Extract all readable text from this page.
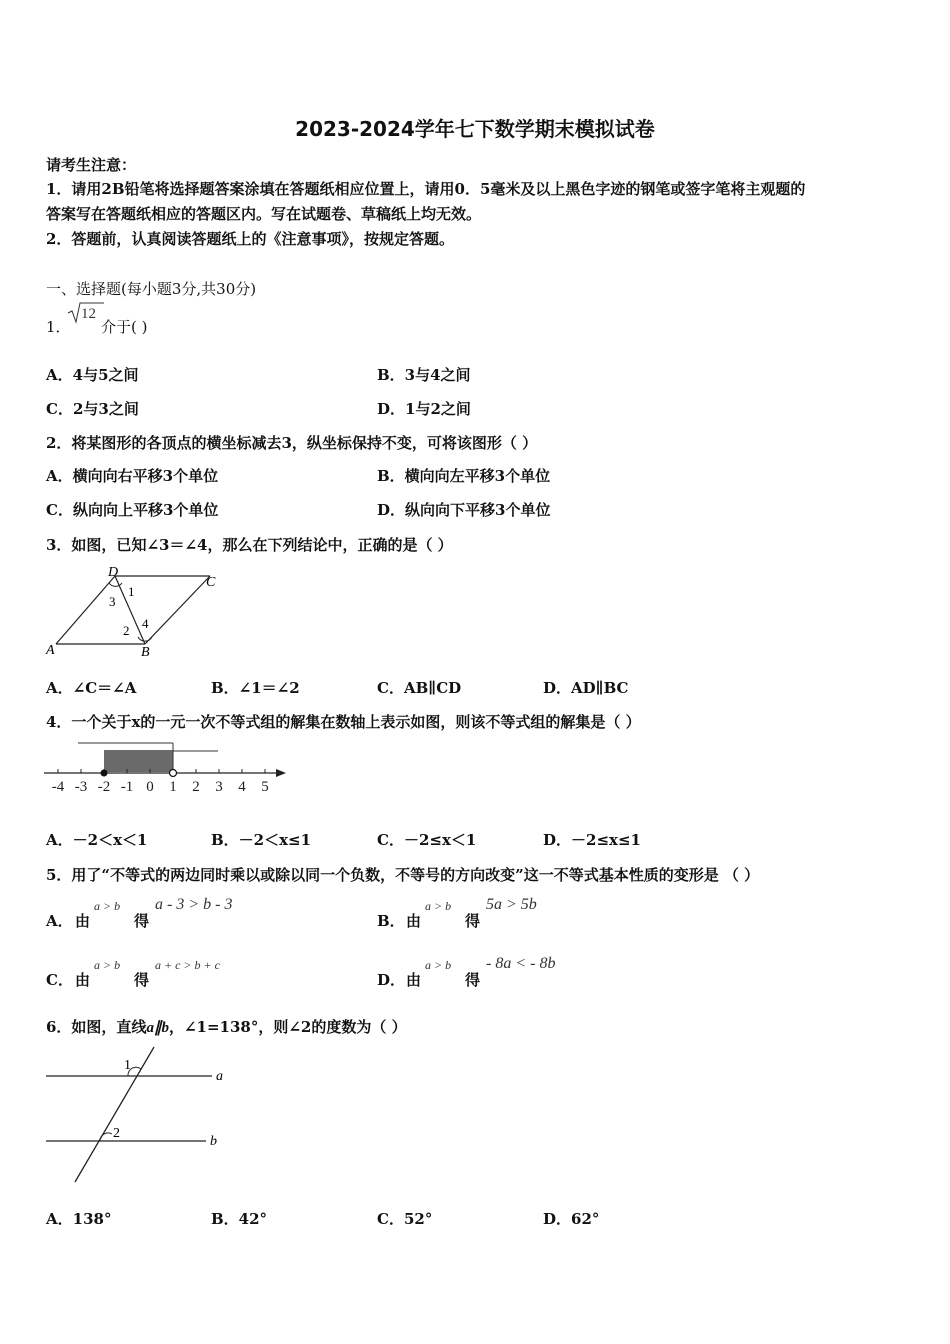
2023-2024学年七下数学期末模拟试卷
请考生注意：
1．请用2B铅笔将选择题答案涂填在答题纸相应位置上，请用0．5毫米及以上黑色字迹的钢笔或签字笔将主观题的
答案写在答题纸相应的答题区内。写在试题卷、草稿纸上均无效。
2．答题前，认真阅读答题纸上的《注意事项》，按规定答题。
一、选择题(每小题3分,共30分)
1．
12
介于( )
A．4与5之间	B．3与4之间
C．2与3之间	D．1与2之间
2．将某图形的各顶点的横坐标减去3，纵坐标保持不变，可将该图形（ ）
A．横向向右平移3个单位	B．横向向左平移3个单位
C．纵向向上平移3个单位	D．纵向向下平移3个单位
3．如图，已知∠3＝∠4，那么在下列结论中，正确的是（ ）
D
C
A	B
1
3
2 4
A．∠C＝∠A	B．∠1＝∠2	C．AB∥CD	D．AD∥BC
4．一个关于x的一元一次不等式组的解集在数轴上表示如图，则该不等式组的解集是（ ）
-4 -3 -2 -1 0 1 2 3 4 5
A．－2＜x＜1	B．－2＜x≤1	C．－2≤x＜1	D．－2≤x≤1
5．用了“不等式的两边同时乘以或除以同一个负数，不等号的方向改变”这一不等式基本性质的变形是 （ ）
A． 由
a > b
得
a - 3 > b - 3
B． 由
a > b
得
5a > 5b
C． 由
a > b
得
a + c > b + c
D． 由
a > b
得
- 8a < - 8b
6．如图，直线a∥b，∠1=138°，则∠2的度数为（ ）
1
2
a
b
A．138°	B．42°	C．52°	D．62°
